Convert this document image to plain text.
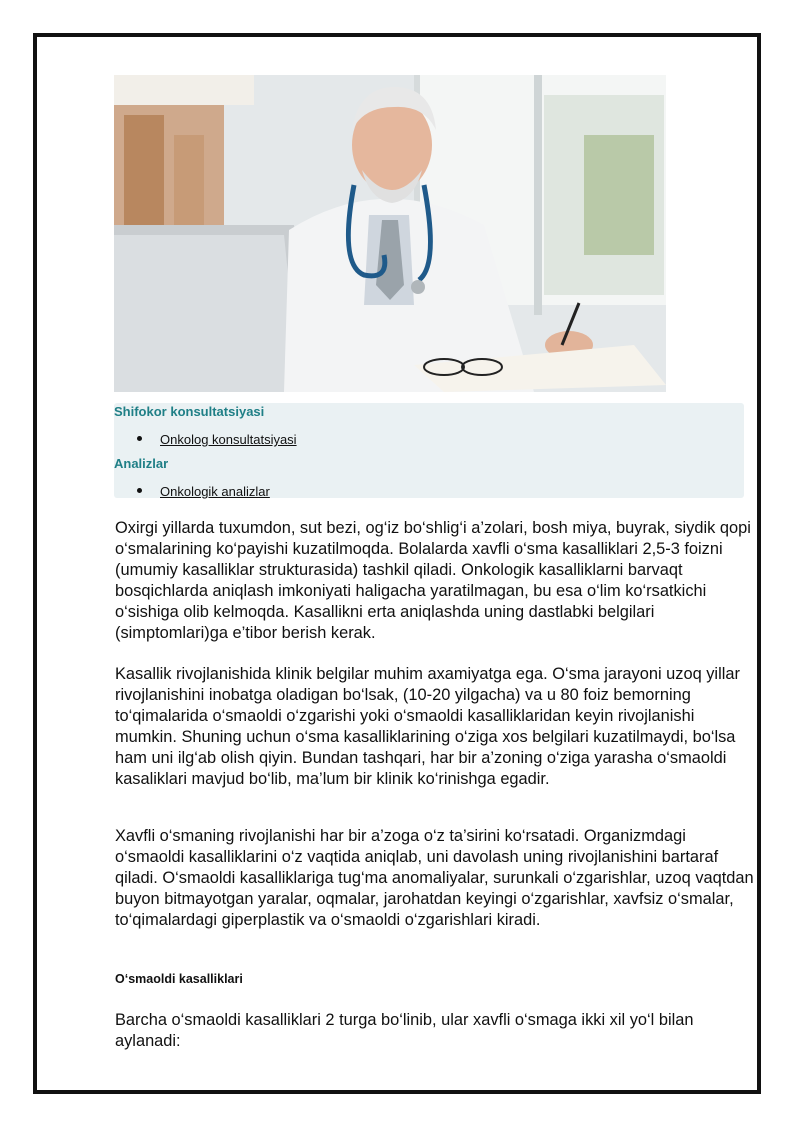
Shifokor konsultatsiyasi
Onkolog konsultatsiyasi
Analizlar
Onkologik analizlar

Oxirgi yillarda tuxumdon, sut bezi, og‘iz bo‘shlig‘i a’zolari, bosh miya, buyrak, siydik qopi o‘smalarining ko‘payishi kuzatilmoqda. Bolalarda xavfli o‘sma kasalliklari 2,5-3 foizni (umumiy kasalliklar strukturasida) tashkil qiladi. Onkologik kasalliklarni barvaqt bosqichlarda aniqlash imkoniyati haligacha yaratilmagan, bu esa o‘lim ko‘rsatkichi o‘sishiga olib kelmoqda. Kasallikni erta aniqlashda uning dastlabki belgilari (simptomlari)ga e’tibor berish kerak.

Kasallik rivojlanishida klinik belgilar muhim axamiyatga ega. O‘sma jarayoni uzoq yillar rivojlanishini inobatga oladigan bo‘lsak, (10-20 yilgacha) va u 80 foiz bemorning to‘qimalarida o‘smaoldi o‘zgarishi yoki o‘smaoldi kasalliklaridan keyin rivojlanishi mumkin. Shuning uchun o‘sma kasalliklarining o‘ziga xos belgilari kuzatilmaydi, bo‘lsa ham uni ilg‘ab olish qiyin. Bundan tashqari, har bir a’zoning o‘ziga yarasha o‘smaoldi kasaliklari mavjud bo‘lib, ma’lum bir klinik ko‘rinishga egadir.

Xavfli o‘smaning rivojlanishi har bir a’zoga o‘z ta’sirini ko‘rsatadi. Organizmdagi o‘smaoldi kasalliklarini o‘z vaqtida aniqlab, uni davolash uning rivojlanishini bartaraf qiladi. O‘smaoldi kasalliklariga tug‘ma anomaliyalar, surunkali o‘zgarishlar, uzoq vaqtdan buyon bitmayotgan yaralar, oqmalar, jarohatdan keyingi o‘zgarishlar, xavfsiz o‘smalar, to‘qimalardagi giperplastik va o‘smaoldi o‘zgarishlari kiradi.

O‘smaoldi kasalliklari

Barcha o‘smaoldi kasalliklari 2 turga bo‘linib, ular xavfli o‘smaga ikki xil yo‘l bilan aylanadi:
